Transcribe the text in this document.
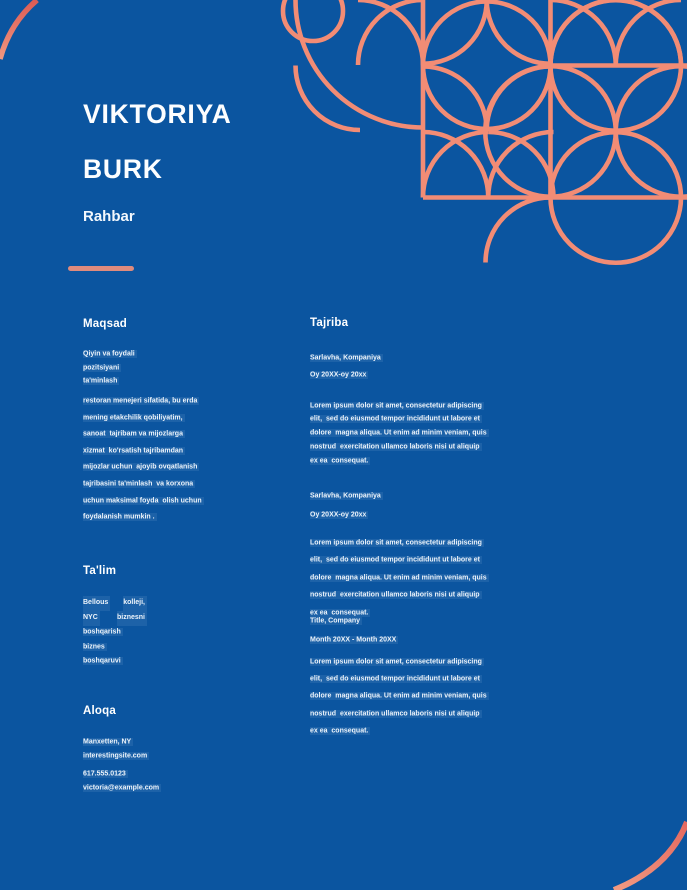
VIKTORIYA
BURK
Rahbar
Maqsad
Qiyin va foydali
pozitsiyani
ta'minlash
restoran menejeri sifatida, bu erda
mening etakchilik qobiliyatim,
sanoat  tajribam va mijozlarga
xizmat  ko'rsatish tajribamdan
mijozlar uchun  ajoyib ovqatlanish
tajribasini ta'minlash  va korxona
uchun maksimal foyda  olish uchun
foydalanish mumkin .
Ta'lim
Bellous kolleji,
NYC	biznesni
boshqarish
biznes
boshqaruvi
Aloqa
Manxetten, NY
interestingsite.com
617.555.0123
victoria@example.com
Tajriba
Sarlavha, Kompaniya
Oy 20XX-oy 20xx
Lorem ipsum dolor sit amet, consectetur adipiscing
elit,  sed do eiusmod tempor incididunt ut labore et
dolore  magna aliqua. Ut enim ad minim veniam, quis
nostrud  exercitation ullamco laboris nisi ut aliquip
ex ea  consequat.
Sarlavha, Kompaniya
Oy 20XX-oy 20xx
Lorem ipsum dolor sit amet, consectetur adipiscing
elit,  sed do eiusmod tempor incididunt ut labore et
dolore  magna aliqua. Ut enim ad minim veniam, quis
nostrud  exercitation ullamco laboris nisi ut aliquip
ex ea  consequat.
Title, Company
Month 20XX - Month 20XX
Lorem ipsum dolor sit amet, consectetur adipiscing
elit,  sed do eiusmod tempor incididunt ut labore et
dolore  magna aliqua. Ut enim ad minim veniam, quis
nostrud  exercitation ullamco laboris nisi ut aliquip
ex ea  consequat.
